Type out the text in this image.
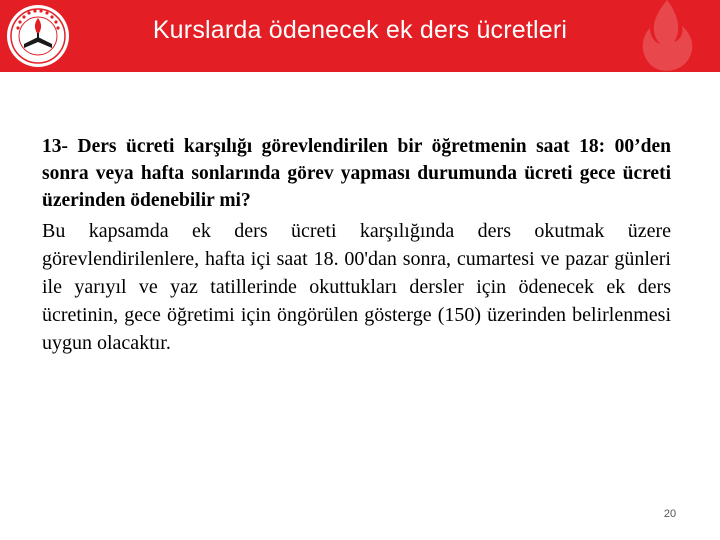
Kurslarda ödenecek ek ders ücretleri

13- Ders ücreti karşılığı görevlendirilen bir öğretmenin saat 18: 00’den sonra veya hafta sonlarında görev yapması durumunda ücreti gece ücreti üzerinden ödenebilir mi?

Bu kapsamda ek ders ücreti karşılığında ders okutmak üzere görevlendirilenlere, hafta içi saat 18. 00'dan sonra, cumartesi ve pazar günleri ile yarıyıl ve yaz tatillerinde okuttukları dersler için ödenecek ek ders ücretinin, gece öğretimi için öngörülen gösterge (150) üzerinden belirlenmesi uygun olacaktır.

20
